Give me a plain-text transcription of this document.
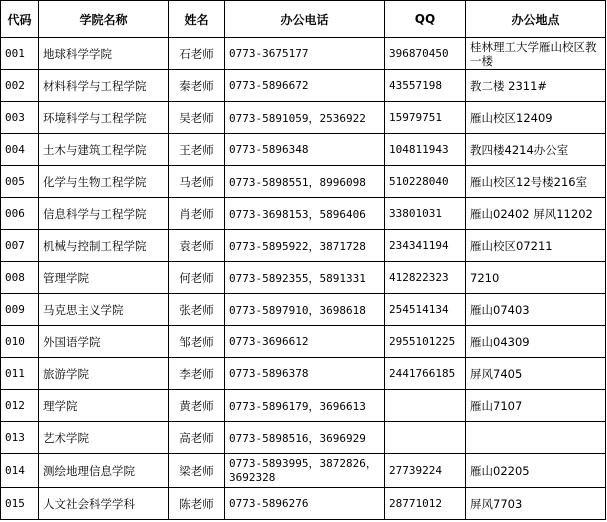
代码	学院名称	姓名	办公电话	QQ	办公地点
001	地球科学学院	石老师	0773-3675177	396870450	桂林理工大学雁山校区教一楼
002	材料科学与工程学院	秦老师	0773-5896672	43557198	教二楼 2311#
003	环境科学与工程学院	吴老师	0773-5891059，2536922	15979751	雁山校区12409
004	土木与建筑工程学院	王老师	0773-5896348	104811943	教四楼4214办公室
005	化学与生物工程学院	马老师	0773-5898551，8996098	510228040	雁山校区12号楼216室
006	信息科学与工程学院	肖老师	0773-3698153，5896406	33801031	雁山02402 屏风11202
007	机械与控制工程学院	袁老师	0773-5895922，3871728	234341194	雁山校区07211
008	管理学院	何老师	0773-5892355，5891331	412822323	7210
009	马克思主义学院	张老师	0773-5897910，3698618	254514134	雁山07403
010	外国语学院	邹老师	0773-3696612	2955101225	雁山04309
011	旅游学院	李老师	0773-5896378	2441766185	屏风7405
012	理学院	黄老师	0773-5896179，3696613		雁山7107
013	艺术学院	高老师	0773-5898516，3696929		
014	测绘地理信息学院	梁老师	0773-5893995，3872826，3692328	27739224	雁山02205
015	人文社会科学学科	陈老师	0773-5896276	28771012	屏风7703
